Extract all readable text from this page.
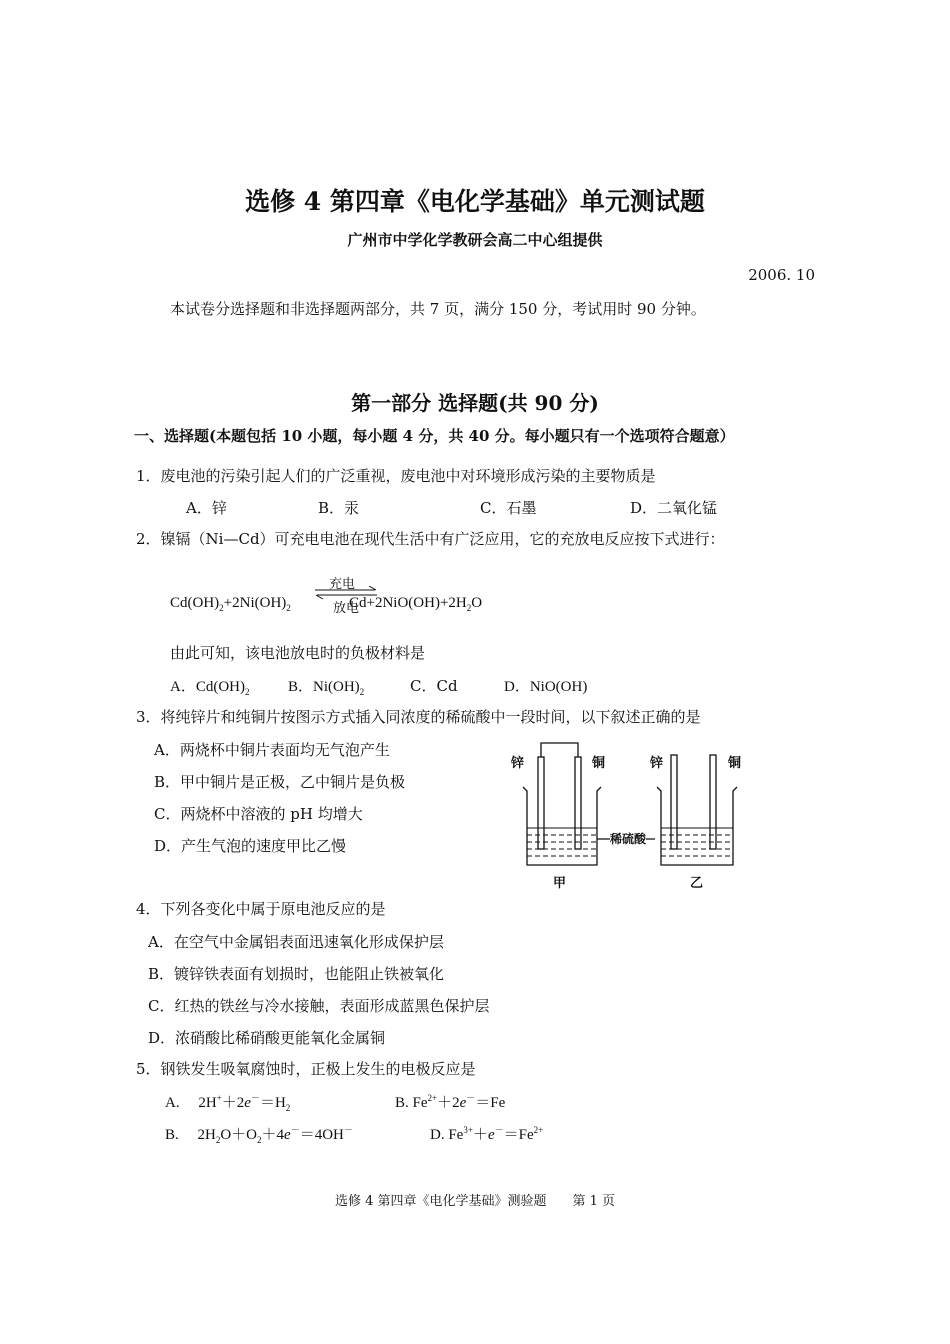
选修 4 第四章《电化学基础》单元测试题
广州市中学化学教研会高二中心组提供
2006. 10
本试卷分选择题和非选择题两部分，共 7 页，满分 150 分，考试用时 90 分钟。
第一部分 选择题(共 90 分)
一、选择题(本题包括 10 小题，每小题 4 分，共 40 分。每小题只有一个选项符合题意）
1．废电池的污染引起人们的广泛重视，废电池中对环境形成污染的主要物质是
A．锌	B．汞	C．石墨	D．二氧化锰
2．镍镉（Ni—Cd）可充电电池在现代生活中有广泛应用，它的充放电反应按下式进行：
$Cd(OH)_2+2Ni(OH)_2$
充电
放电
$Cd+2NiO(OH)+2H_2O$
由此可知，该电池放电时的负极材料是
A．$Cd(OH)_2$	B．$Ni(OH)_2$	C．Cd	D．NiO(OH)
3．将纯锌片和纯铜片按图示方式插入同浓度的稀硫酸中一段时间，以下叙述正确的是
A．两烧杯中铜片表面均无气泡产生
B．甲中铜片是正极，乙中铜片是负极
C．两烧杯中溶液的 pH 均增大
D．产生气泡的速度甲比乙慢
锌	铜	锌	铜
稀硫酸
甲	乙
4．下列各变化中属于原电池反应的是
A．在空气中金属铝表面迅速氧化形成保护层
B．镀锌铁表面有划损时，也能阻止铁被氧化
C．红热的铁丝与冷水接触，表面形成蓝黑色保护层
D．浓硝酸比稀硝酸更能氧化金属铜
5．钢铁发生吸氧腐蚀时，正极上发生的电极反应是
A.     $2H^++2e^-=H_2$	B. $Fe^{2+}+2e^-=Fe$
B.     $2H_2O+O_2+4e^-=4OH^-$	D. $Fe^{3+}+e^-=Fe^{2+}$
选修 4 第四章《电化学基础》测验题 第 1 页
